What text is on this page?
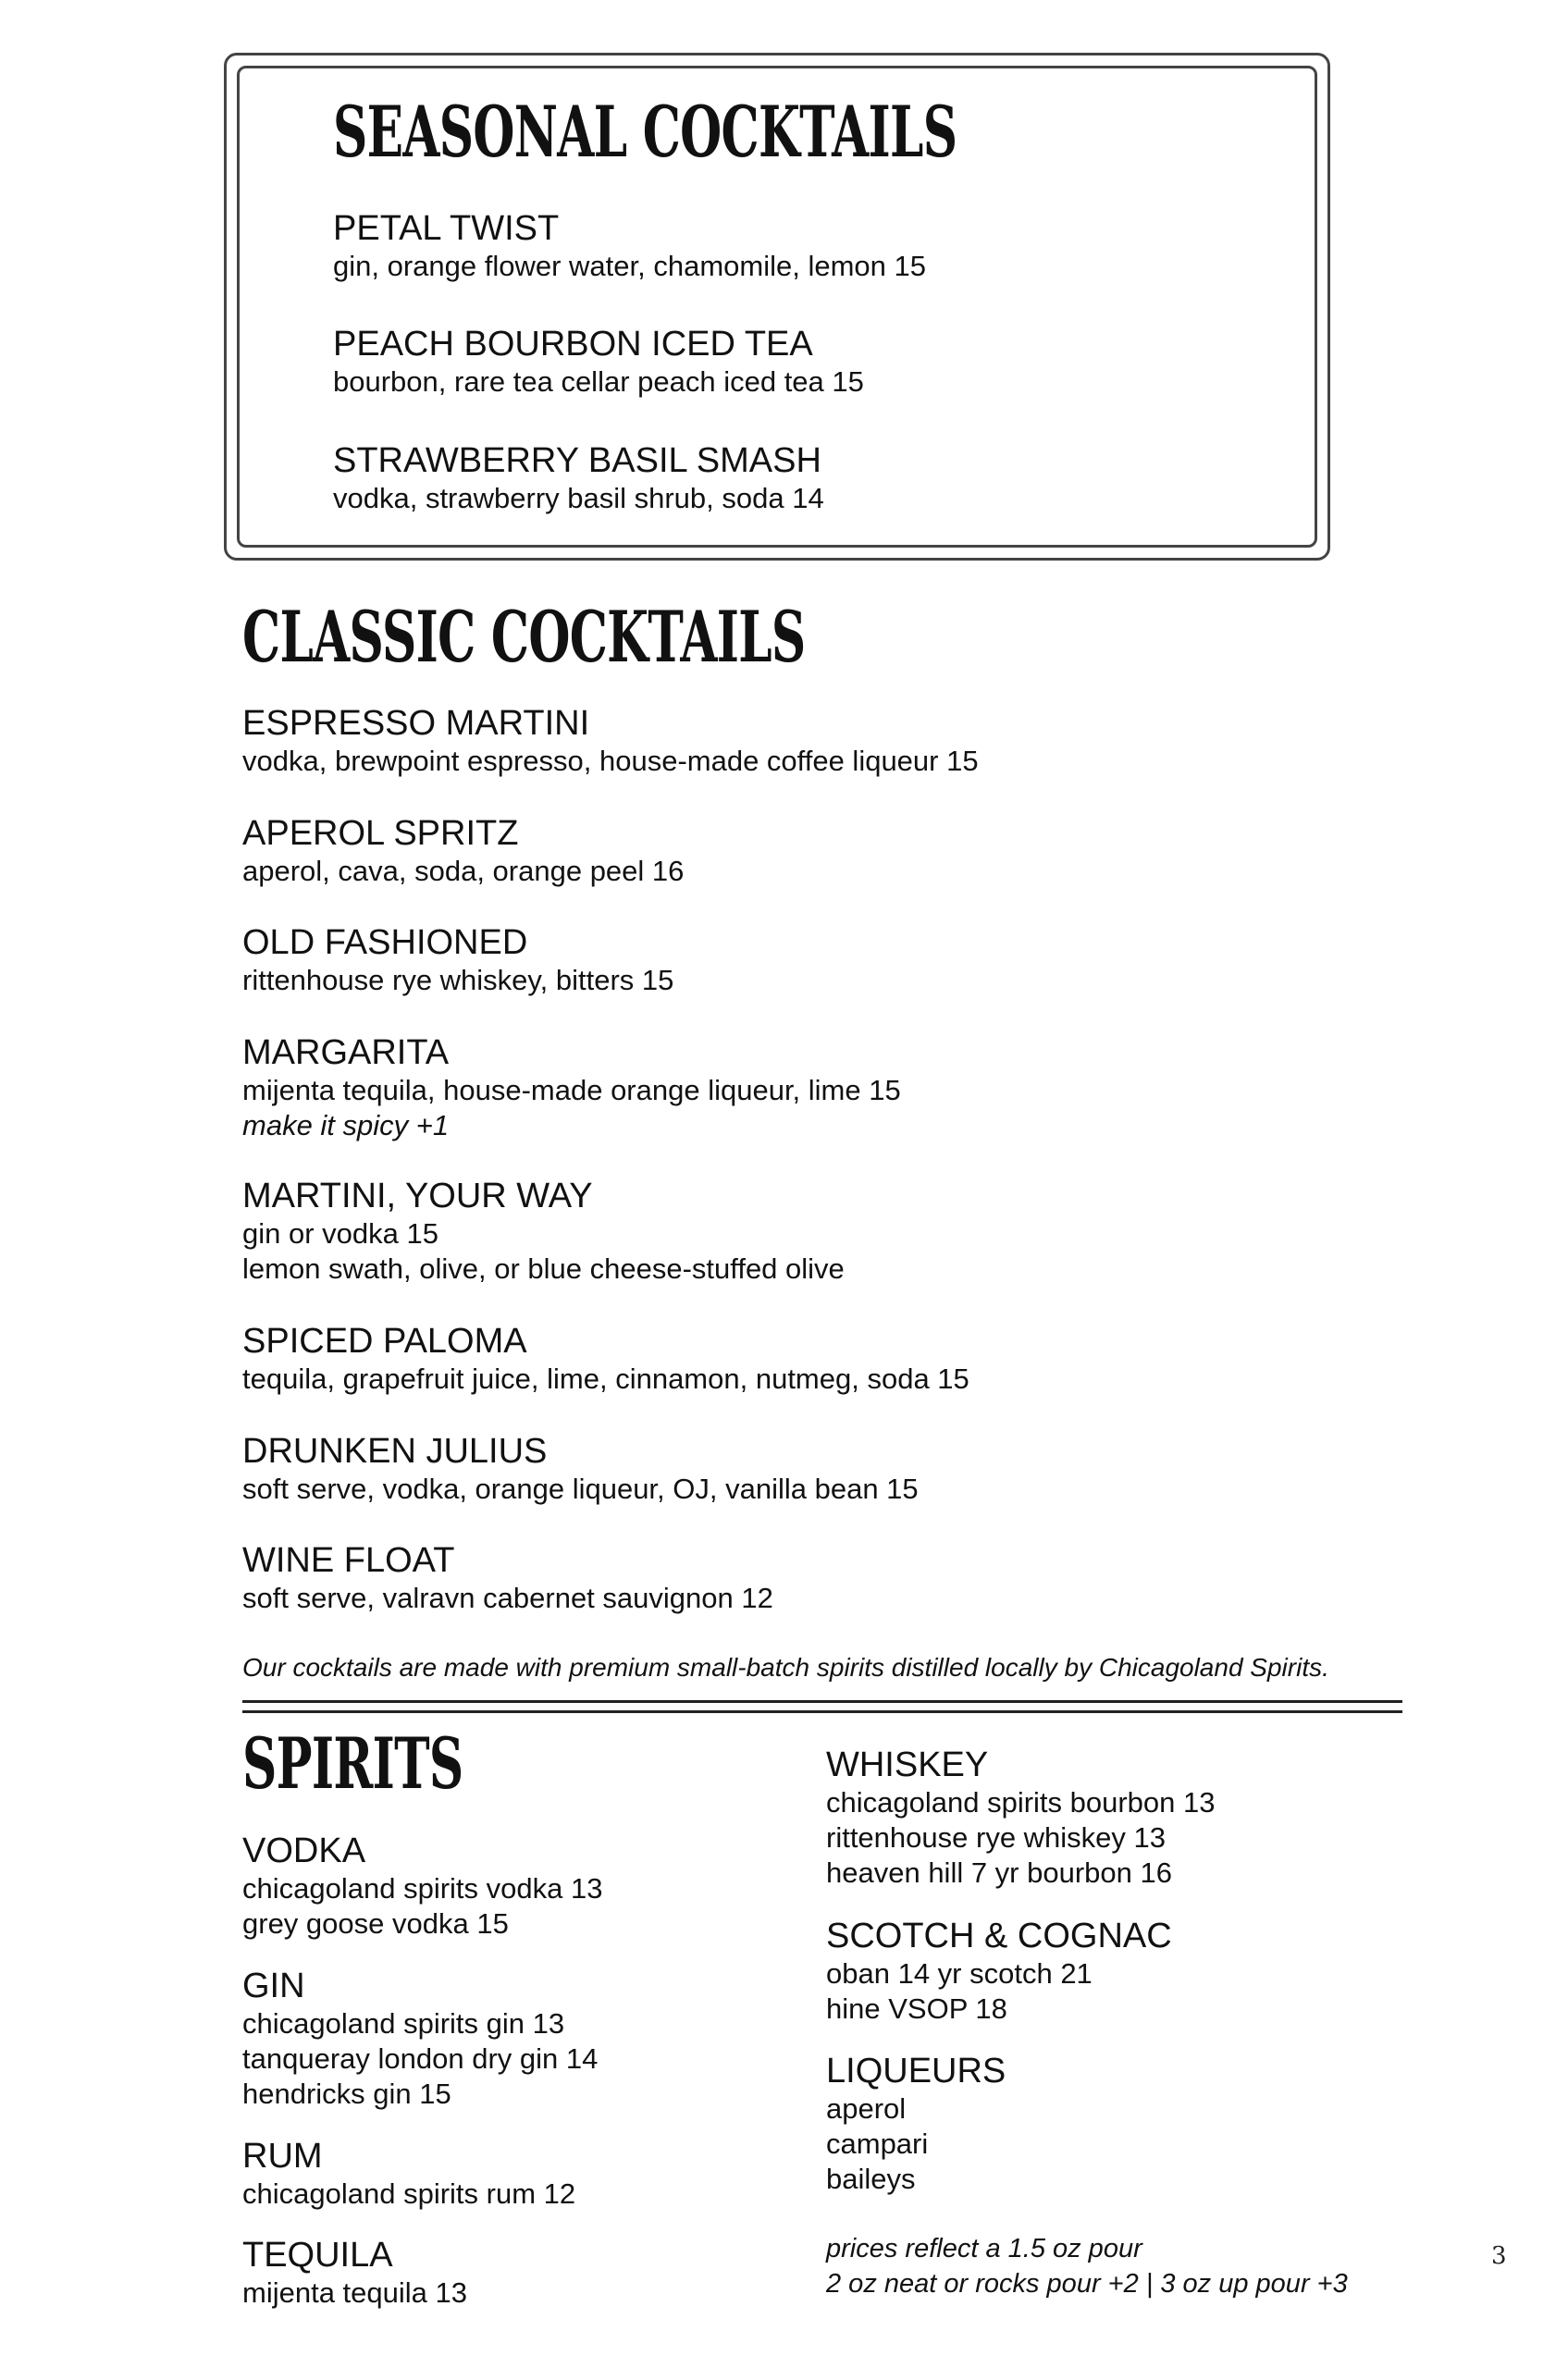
SEASONAL COCKTAILS
PETAL TWIST
gin, orange flower water, chamomile, lemon 15
PEACH BOURBON ICED TEA
bourbon, rare tea cellar peach iced tea 15
STRAWBERRY BASIL SMASH
vodka, strawberry basil shrub, soda 14
CLASSIC COCKTAILS
ESPRESSO MARTINI
vodka, brewpoint espresso, house-made coffee liqueur 15
APEROL SPRITZ
aperol, cava, soda, orange peel 16
OLD FASHIONED
rittenhouse rye whiskey, bitters 15
MARGARITA
mijenta tequila, house-made orange liqueur, lime 15
make it spicy +1
MARTINI, YOUR WAY
gin or vodka 15
lemon swath, olive, or blue cheese-stuffed olive
SPICED PALOMA
tequila, grapefruit juice, lime, cinnamon, nutmeg, soda 15
DRUNKEN JULIUS
soft serve, vodka, orange liqueur, OJ, vanilla bean 15
WINE FLOAT
soft serve, valravn cabernet sauvignon 12
Our cocktails are made with premium small-batch spirits distilled locally by Chicagoland Spirits.
SPIRITS
VODKA
chicagoland spirits vodka 13
grey goose vodka 15
GIN
chicagoland spirits gin 13
tanqueray london dry gin 14
hendricks gin 15
RUM
chicagoland spirits rum 12
TEQUILA
mijenta tequila 13
WHISKEY
chicagoland spirits bourbon 13
rittenhouse rye whiskey 13
heaven hill 7 yr bourbon 16
SCOTCH & COGNAC
oban 14 yr scotch 21
hine VSOP 18
LIQUEURS
aperol
campari
baileys
prices reflect a 1.5 oz pour
2 oz neat or rocks pour +2 | 3 oz up pour +3
3
